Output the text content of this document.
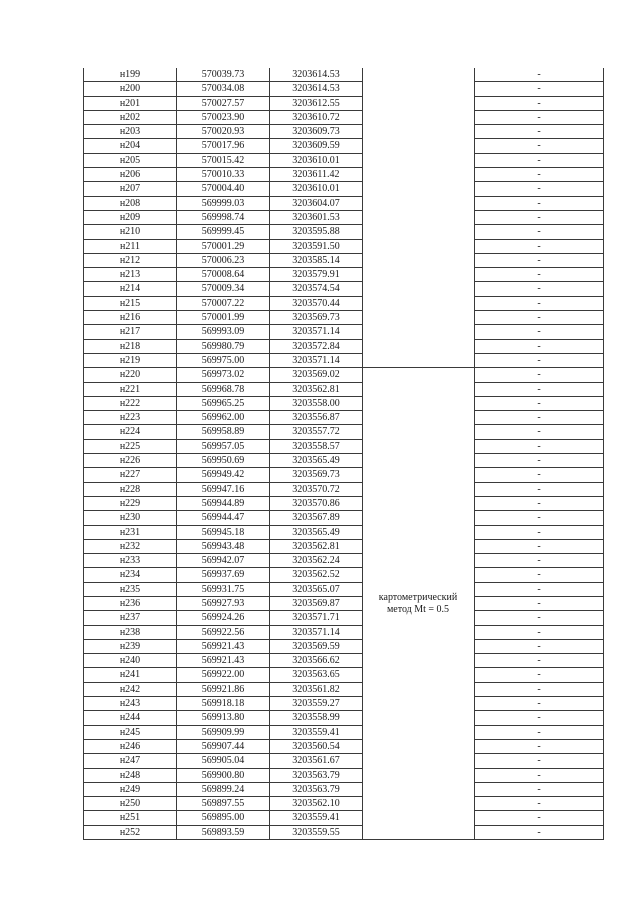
н199	570039.73	3203614.53		-
н200	570034.08	3203614.53		-
н201	570027.57	3203612.55		-
н202	570023.90	3203610.72		-
н203	570020.93	3203609.73		-
н204	570017.96	3203609.59		-
н205	570015.42	3203610.01		-
н206	570010.33	3203611.42		-
н207	570004.40	3203610.01		-
н208	569999.03	3203604.07		-
н209	569998.74	3203601.53		-
н210	569999.45	3203595.88		-
н211	570001.29	3203591.50		-
н212	570006.23	3203585.14		-
н213	570008.64	3203579.91		-
н214	570009.34	3203574.54		-
н215	570007.22	3203570.44		-
н216	570001.99	3203569.73		-
н217	569993.09	3203571.14		-
н218	569980.79	3203572.84		-
н219	569975.00	3203571.14		-
н220	569973.02	3203569.02		-
н221	569968.78	3203562.81		-
н222	569965.25	3203558.00		-
н223	569962.00	3203556.87		-
н224	569958.89	3203557.72		-
н225	569957.05	3203558.57		-
н226	569950.69	3203565.49		-
н227	569949.42	3203569.73		-
н228	569947.16	3203570.72		-
н229	569944.89	3203570.86		-
н230	569944.47	3203567.89		-
н231	569945.18	3203565.49		-
н232	569943.48	3203562.81		-
н233	569942.07	3203562.24		-
н234	569937.69	3203562.52		-
н235	569931.75	3203565.07		-
н236	569927.93	3203569.87		-
н237	569924.26	3203571.71		-
н238	569922.56	3203571.14		-
н239	569921.43	3203569.59		-
н240	569921.43	3203566.62		-
н241	569922.00	3203563.65		-
н242	569921.86	3203561.82		-
н243	569918.18	3203559.27		-
н244	569913.80	3203558.99		-
н245	569909.99	3203559.41		-
н246	569907.44	3203560.54		-
н247	569905.04	3203561.67		-
н248	569900.80	3203563.79		-
н249	569899.24	3203563.79		-
н250	569897.55	3203562.10		-
н251	569895.00	3203559.41		-
н252	569893.59	3203559.55		-
картометрический
метод Mt = 0.5
